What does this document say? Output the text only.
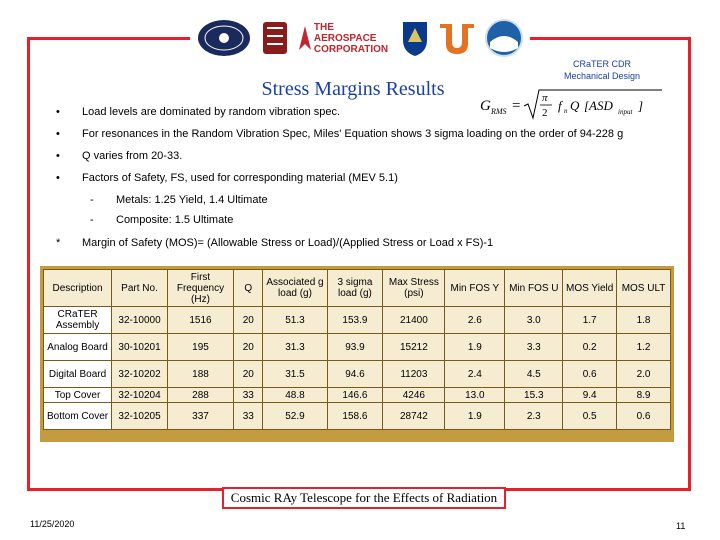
THE AEROSPACE
CORPORATION
CRaTER CDR
Mechanical Design
Stress Margins Results
G RMS = π
2 f n Q [ASD input ]
• Load levels are dominated by random vibration spec.
• For resonances in the Random Vibration Spec, Miles' Equation shows 3 sigma loading on the order of 94-228 g
• Q varies from 20-33.
• Factors of Safety, FS, used for corresponding material (MEV 5.1)
- Metals: 1.25 Yield, 1.4 Ultimate
- Composite: 1.5 Ultimate
* Margin of Safety (MOS)= (Allowable Stress or Load)/(Applied Stress or Load x FS)-1
Description	Part No.	First Frequency (Hz)	Q	Associated g load (g)	3 sigma load (g)	Max Stress (psi)	Min FOS Y	Min FOS U	MOS Yield	MOS ULT
CRaTER Assembly	32-10000	1516	20	51.3	153.9	21400	2.6	3.0	1.7	1.8
Analog Board	30-10201	195	20	31.3	93.9	15212	1.9	3.3	0.2	1.2
Digital Board	32-10202	188	20	31.5	94.6	11203	2.4	4.5	0.6	2.0
Top Cover	32-10204	288	33	48.8	146.6	4246	13.0	15.3	9.4	8.9
Bottom Cover	32-10205	337	33	52.9	158.6	28742	1.9	2.3	0.5	0.6
Cosmic RAy Telescope for the Effects of Radiation
11/25/2020	11
